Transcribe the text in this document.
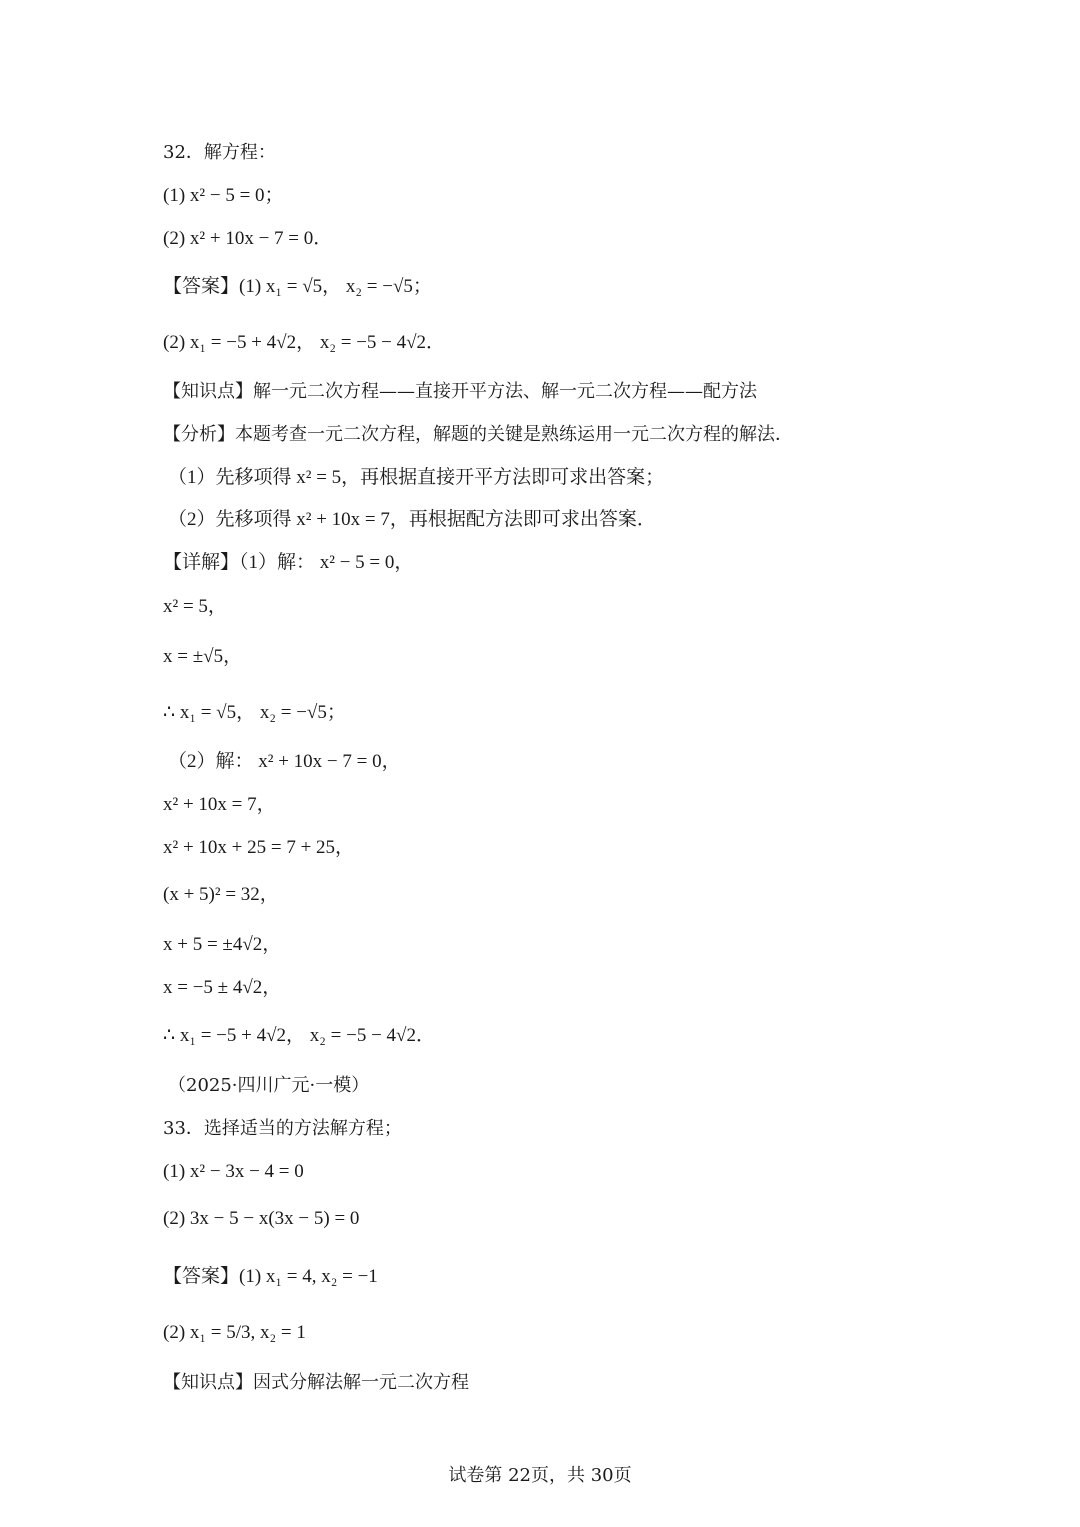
32．解方程：
(1) x² − 5 = 0；
(2) x² + 10x − 7 = 0．
【答案】(1) x₁ = √5， x₂ = −√5；
(2) x₁ = −5 + 4√2， x₂ = −5 − 4√2．
【知识点】解一元二次方程——直接开平方法、解一元二次方程——配方法
【分析】本题考查一元二次方程，解题的关键是熟练运用一元二次方程的解法．
（1）先移项得 x² = 5，再根据直接开平方法即可求出答案；
（2）先移项得 x² + 10x = 7，再根据配方法即可求出答案．
【详解】（1）解： x² − 5 = 0，
x² = 5，
x = ±√5，
∴ x₁ = √5， x₂ = −√5；
（2）解： x² + 10x − 7 = 0，
x² + 10x = 7，
x² + 10x + 25 = 7 + 25，
(x + 5)² = 32，
x + 5 = ±4√2，
x = −5 ± 4√2，
∴ x₁ = −5 + 4√2， x₂ = −5 − 4√2．
（2025·四川广元·一模）
33．选择适当的方法解方程；
(1) x² − 3x − 4 = 0
(2) 3x − 5 − x(3x − 5) = 0
【答案】(1) x₁ = 4, x₂ = −1
(2) x₁ = 5/3, x₂ = 1
【知识点】因式分解法解一元二次方程
试卷第 22页，共 30页
